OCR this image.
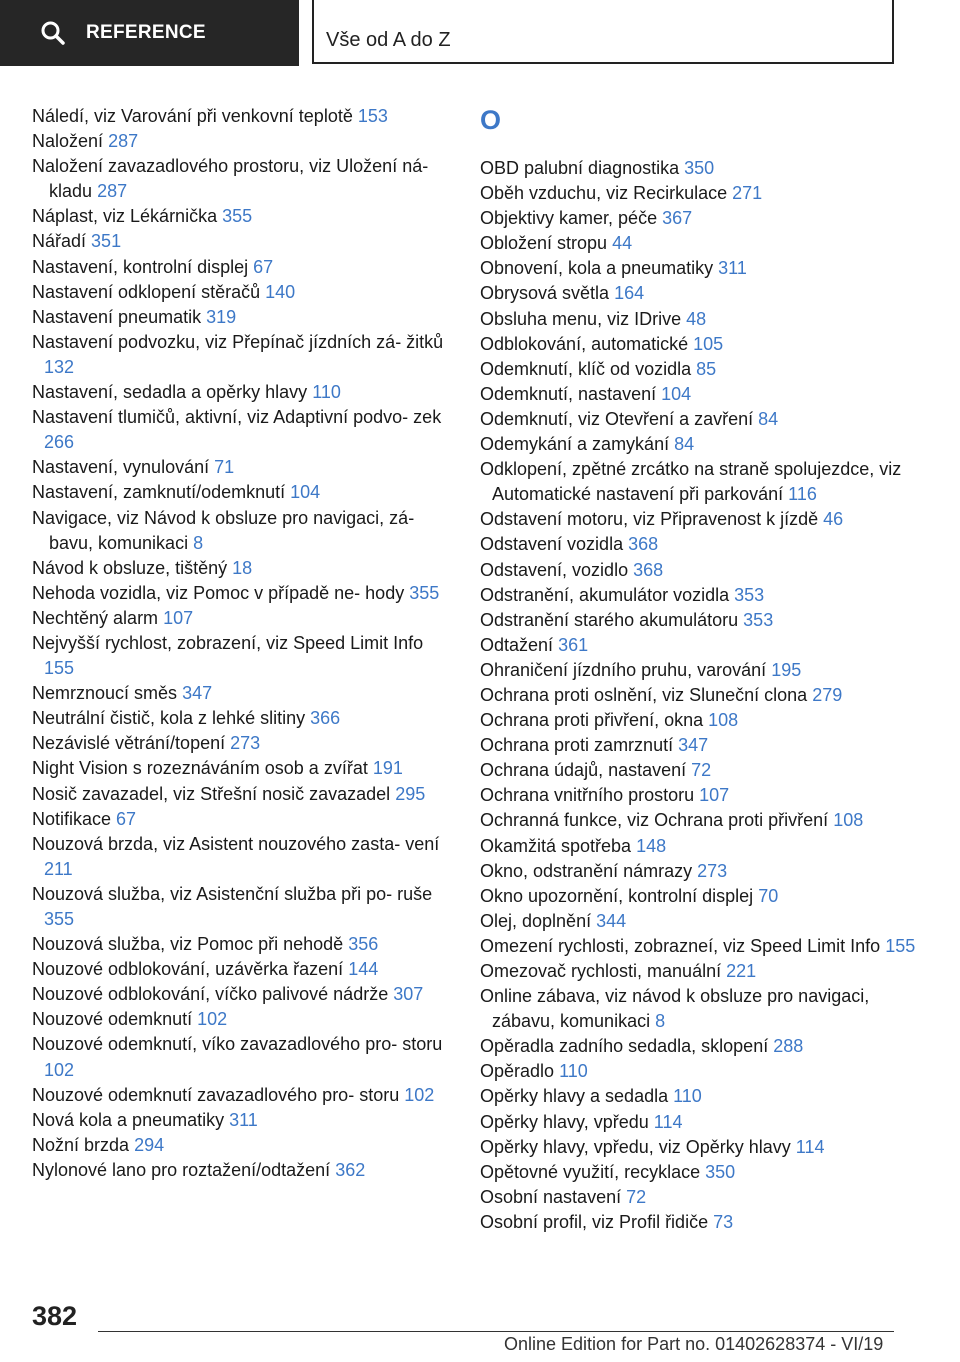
REFERENCE	Vše od A do Z
Náledí, viz Varování při venkovní teplotě 153
Naložení 287
Naložení zavazadlového prostoru, viz Uložení ná- kladu 287
Náplast, viz Lékárnička 355
Nářadí 351
Nastavení, kontrolní displej 67
Nastavení odklopení stěračů 140
Nastavení pneumatik 319
Nastavení podvozku, viz Přepínač jízdních zá- žitků 132
Nastavení, sedadla a opěrky hlavy 110
Nastavení tlumičů, aktivní, viz Adaptivní podvo- zek 266
Nastavení, vynulování 71
Nastavení, zamknutí/odemknutí 104
Navigace, viz Návod k obsluze pro navigaci, zá- bavu, komunikaci 8
Návod k obsluze, tištěný 18
Nehoda vozidla, viz Pomoc v případě ne- hody 355
Nechtěný alarm 107
Nejvyšší rychlost, zobrazení, viz Speed Limit Info 155
Nemrznoucí směs 347
Neutrální čistič, kola z lehké slitiny 366
Nezávislé větrání/topení 273
Night Vision s rozeznáváním osob a zvířat 191
Nosič zavazadel, viz Střešní nosič zavazadel 295
Notifikace 67
Nouzová brzda, viz Asistent nouzového zasta- vení 211
Nouzová služba, viz Asistenční služba při po- ruše 355
Nouzová služba, viz Pomoc při nehodě 356
Nouzové odblokování, uzávěrka řazení 144
Nouzové odblokování, víčko palivové nádrže 307
Nouzové odemknutí 102
Nouzové odemknutí, víko zavazadlového pro- storu 102
Nouzové odemknutí zavazadlového pro- storu 102
Nová kola a pneumatiky 311
Nožní brzda 294
Nylonové lano pro roztažení/odtažení 362
O
OBD palubní diagnostika 350
Oběh vzduchu, viz Recirkulace 271
Objektivy kamer, péče 367
Obložení stropu 44
Obnovení, kola a pneumatiky 311
Obrysová světla 164
Obsluha menu, viz IDrive 48
Odblokování, automatické 105
Odemknutí, klíč od vozidla 85
Odemknutí, nastavení 104
Odemknutí, viz Otevření a zavření 84
Odemykání a zamykání 84
Odklopení, zpětné zrcátko na straně spolujezdce, viz Automatické nastavení při parkování 116
Odstavení motoru, viz Připravenost k jízdě 46
Odstavení vozidla 368
Odstavení, vozidlo 368
Odstranění, akumulátor vozidla 353
Odstranění starého akumulátoru 353
Odtažení 361
Ohraničení jízdního pruhu, varování 195
Ochrana proti oslnění, viz Sluneční clona 279
Ochrana proti přivření, okna 108
Ochrana proti zamrznutí 347
Ochrana údajů, nastavení 72
Ochrana vnitřního prostoru 107
Ochranná funkce, viz Ochrana proti přivření 108
Okamžitá spotřeba 148
Okno, odstranění námrazy 273
Okno upozornění, kontrolní displej 70
Olej, doplnění 344
Omezení rychlosti, zobraznеí, viz Speed Limit Info 155
Omezovač rychlosti, manuální 221
Online zábava, viz návod k obsluze pro navigaci, zábavu, komunikaci 8
Opěradla zadního sedadla, sklopení 288
Opěradlo 110
Opěrky hlavy a sedadla 110
Opěrky hlavy, vpředu 114
Opěrky hlavy, vpředu, viz Opěrky hlavy 114
Opětovné využití, recyklace 350
Osobní nastavení 72
Osobní profil, viz Profil řidiče 73
382
Online Edition for Part no. 01402628374 - VI/19
